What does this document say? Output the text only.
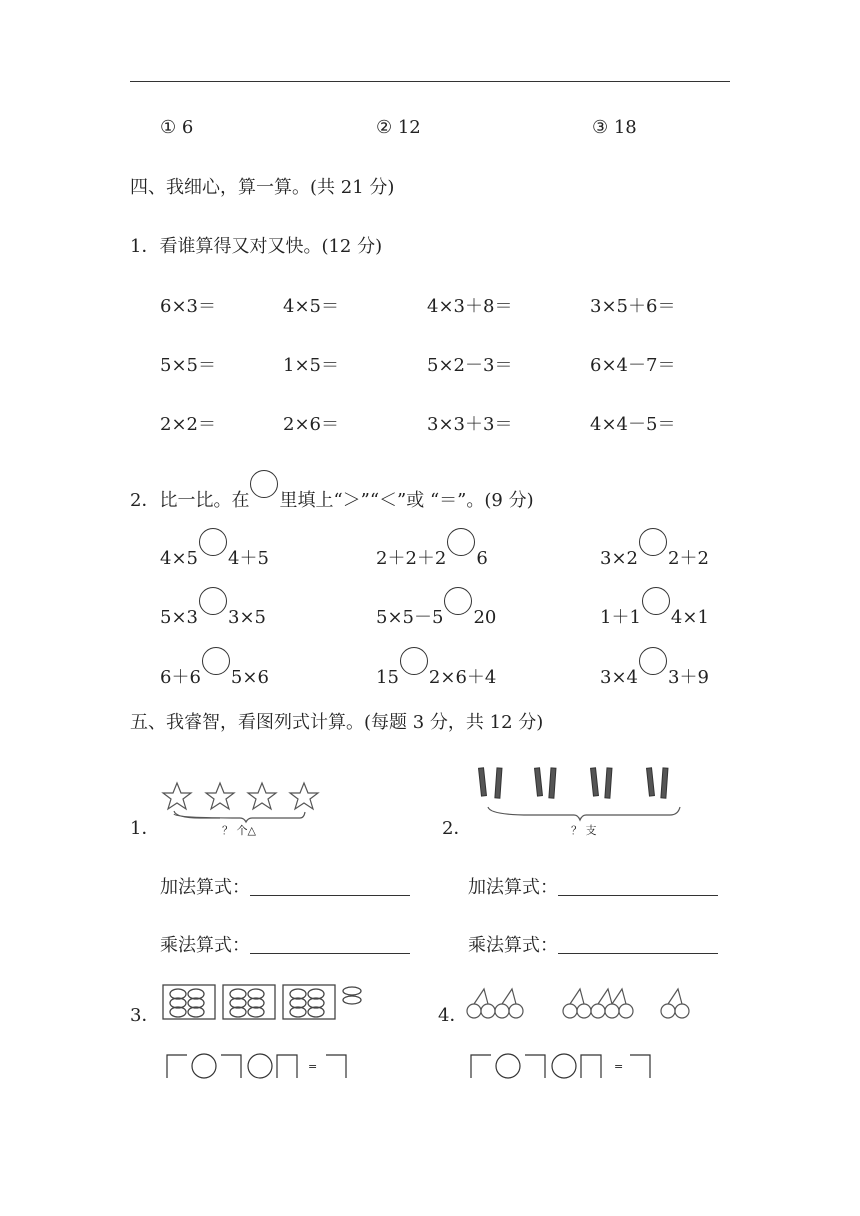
① 6	② 12	③ 18
四、我细心，算一算。(共 21 分)
1．看谁算得又对又快。(12 分)
6×3＝	4×5＝	4×3＋8＝	3×5＋6＝
5×5＝	1×5＝	5×2－3＝	6×4－7＝
2×2＝	2×6＝	3×3＋3＝	4×4－5＝
2．比一比。在 里填上“＞”“＜”或 “＝”。(9 分)
4×5 4＋5	2＋2＋2 6	3×2 2＋2
5×3 3×5	5×5－5 20	1＋1 4×1
6＋6 5×6	15 2×6＋4	3×4 3＋9
五、我睿智，看图列式计算。(每题 3 分，共 12 分)
？ 个△
1．	？ 支
2．
加法算式：	加法算式：
乘法算式：	乘法算式：
3．	4．
=	=
